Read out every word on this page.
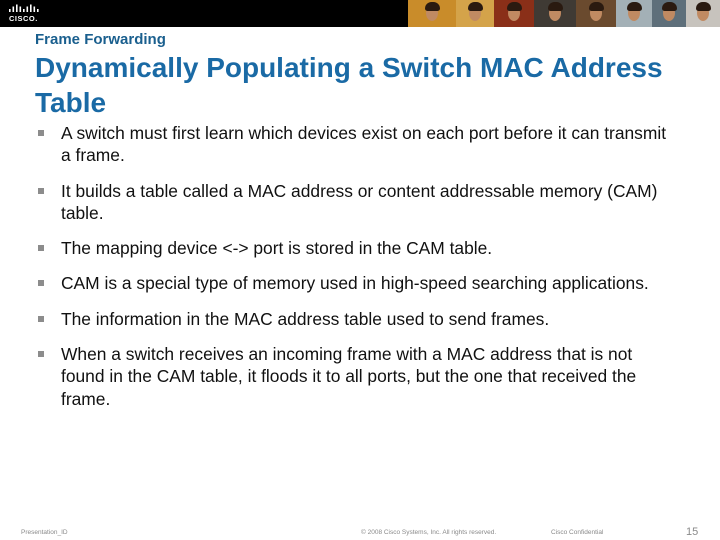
CISCO.
Frame Forwarding
Dynamically Populating a Switch MAC Address Table
A switch must first learn which devices exist on each port before it can transmit a frame.
It builds a table called a MAC address or content addressable memory (CAM) table.
The mapping device <-> port is stored in the CAM table.
CAM is a special type of memory used in high-speed searching applications.
The information in the MAC address table used to send frames.
When a switch receives an incoming frame with a MAC address that is not found in the CAM table, it floods it to all ports, but the one that received the frame.
Presentation_ID	© 2008 Cisco Systems, Inc. All rights reserved.	Cisco Confidential	15
